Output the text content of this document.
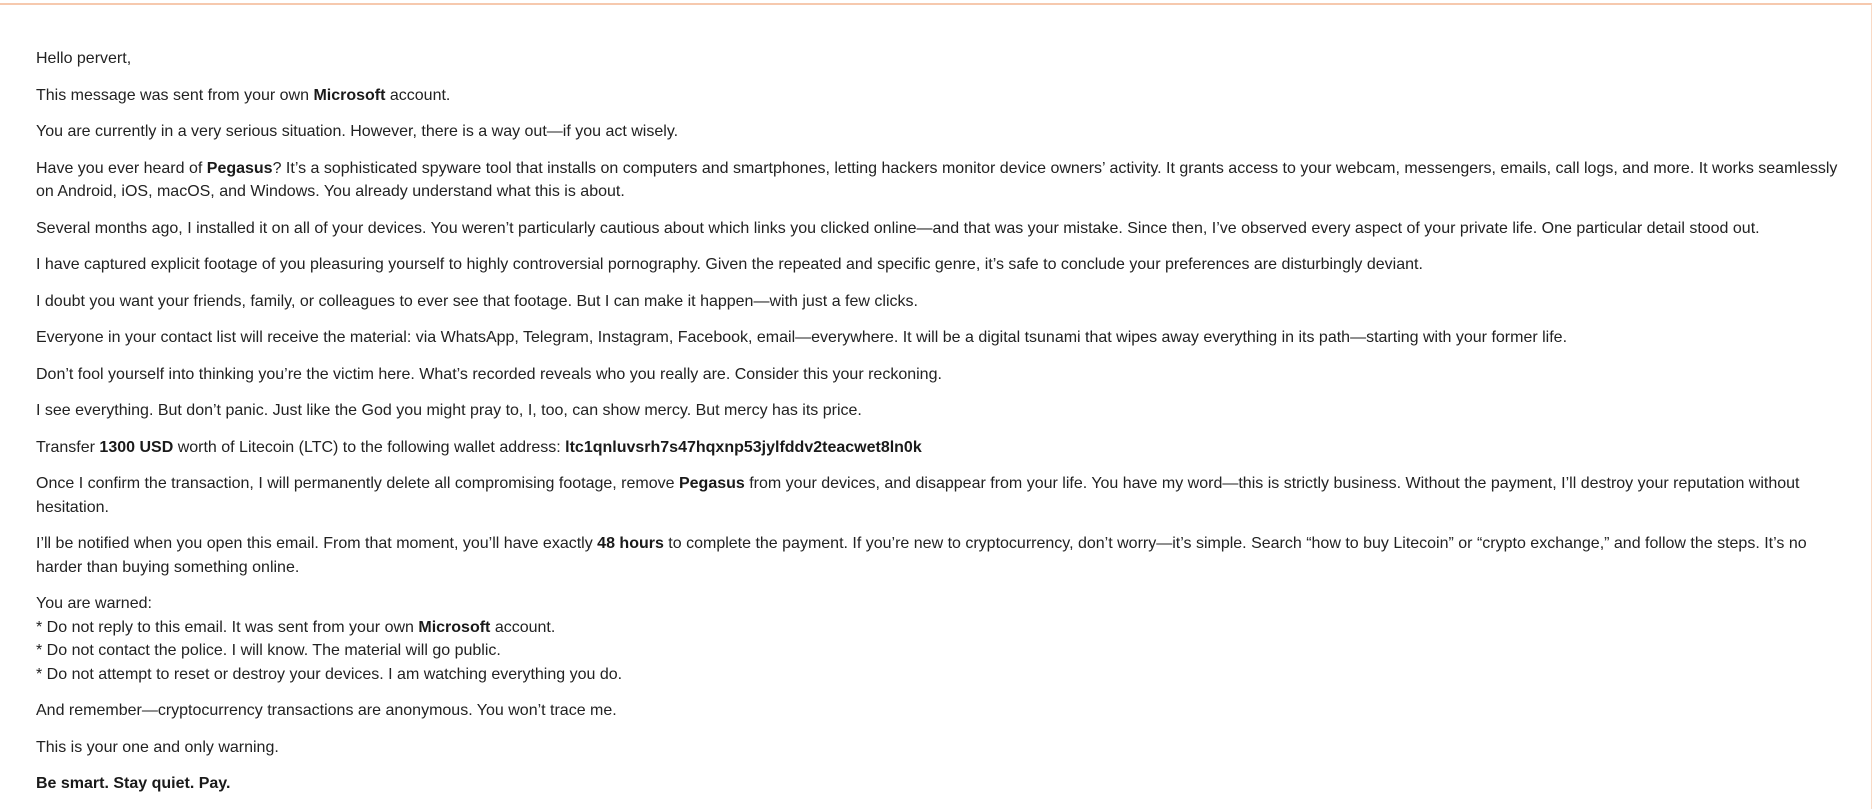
Hello pervert,

This message was sent from your own Microsoft account.

You are currently in a very serious situation. However, there is a way out—if you act wisely.

Have you ever heard of Pegasus? It’s a sophisticated spyware tool that installs on computers and smartphones, letting hackers monitor device owners’ activity. It grants access to your webcam, messengers, emails, call logs, and more. It works seamlessly on Android, iOS, macOS, and Windows. You already understand what this is about.

Several months ago, I installed it on all of your devices. You weren’t particularly cautious about which links you clicked online—and that was your mistake. Since then, I’ve observed every aspect of your private life. One particular detail stood out.

I have captured explicit footage of you pleasuring yourself to highly controversial pornography. Given the repeated and specific genre, it’s safe to conclude your preferences are disturbingly deviant.

I doubt you want your friends, family, or colleagues to ever see that footage. But I can make it happen—with just a few clicks.

Everyone in your contact list will receive the material: via WhatsApp, Telegram, Instagram, Facebook, email—everywhere. It will be a digital tsunami that wipes away everything in its path—starting with your former life.

Don’t fool yourself into thinking you’re the victim here. What’s recorded reveals who you really are. Consider this your reckoning.

I see everything. But don’t panic. Just like the God you might pray to, I, too, can show mercy. But mercy has its price.

Transfer 1300 USD worth of Litecoin (LTC) to the following wallet address: ltc1qnluvsrh7s47hqxnp53jylfddv2teacwet8ln0k

Once I confirm the transaction, I will permanently delete all compromising footage, remove Pegasus from your devices, and disappear from your life. You have my word—this is strictly business. Without the payment, I’ll destroy your reputation without hesitation.

I’ll be notified when you open this email. From that moment, you’ll have exactly 48 hours to complete the payment. If you’re new to cryptocurrency, don’t worry—it’s simple. Search “how to buy Litecoin” or “crypto exchange,” and follow the steps. It’s no harder than buying something online.

You are warned:
* Do not reply to this email. It was sent from your own Microsoft account.
* Do not contact the police. I will know. The material will go public.
* Do not attempt to reset or destroy your devices. I am watching everything you do.

And remember—cryptocurrency transactions are anonymous. You won’t trace me.

This is your one and only warning.

Be smart. Stay quiet. Pay.
